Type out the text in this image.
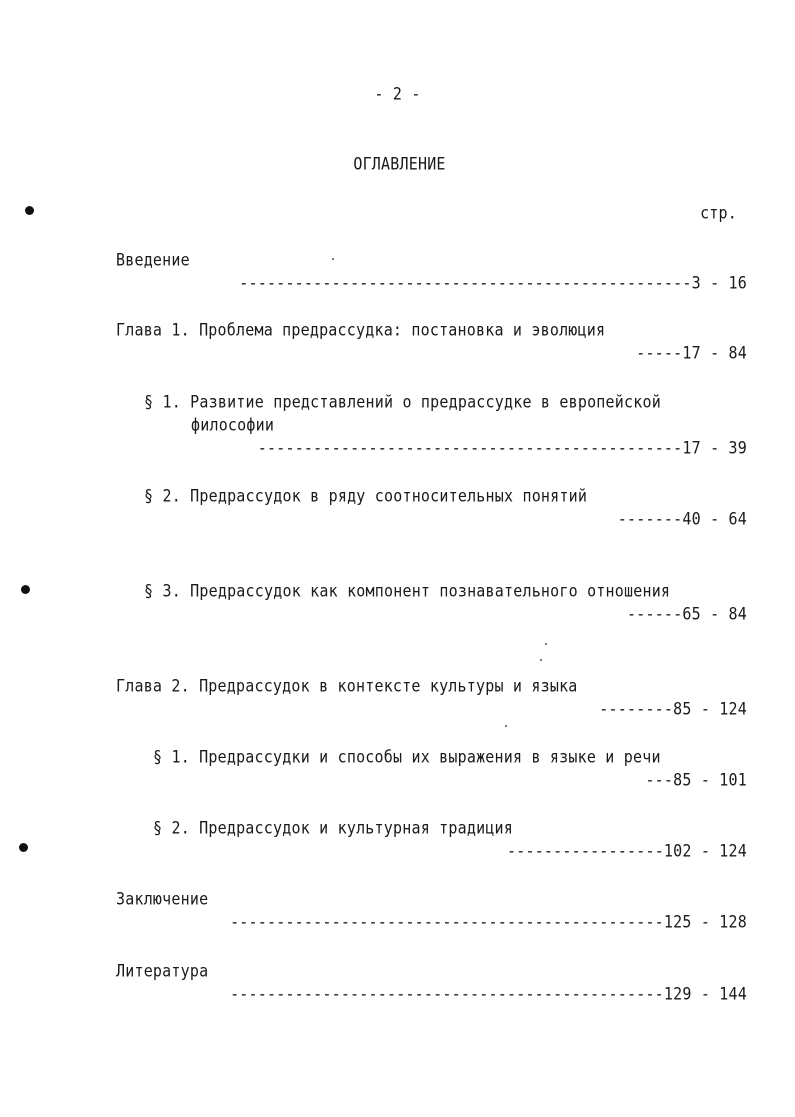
- 2 -
ОГЛАВЛЕНИЕ
стр.
Введение
-------------------------------------------------3 - 16
Глава 1. Проблема предрассудка: постановка и эволюция
-----17 - 84
§ 1. Развитие представлений о предрассудке в европейской
философии
----------------------------------------------17 - 39
§ 2. Предрассудок в ряду соотносительных понятий
-------40 - 64
§ 3. Предрассудок как компонент познавательного отношения
------65 - 84
Глава 2. Предрассудок в контексте культуры и языка
--------85 - 124
§ 1. Предрассудки и способы их выражения в языке и речи
---85 - 101
§ 2. Предрассудок и культурная традиция
-----------------102 - 124
Заключение
-----------------------------------------------125 - 128
Литература
-----------------------------------------------129 - 144
